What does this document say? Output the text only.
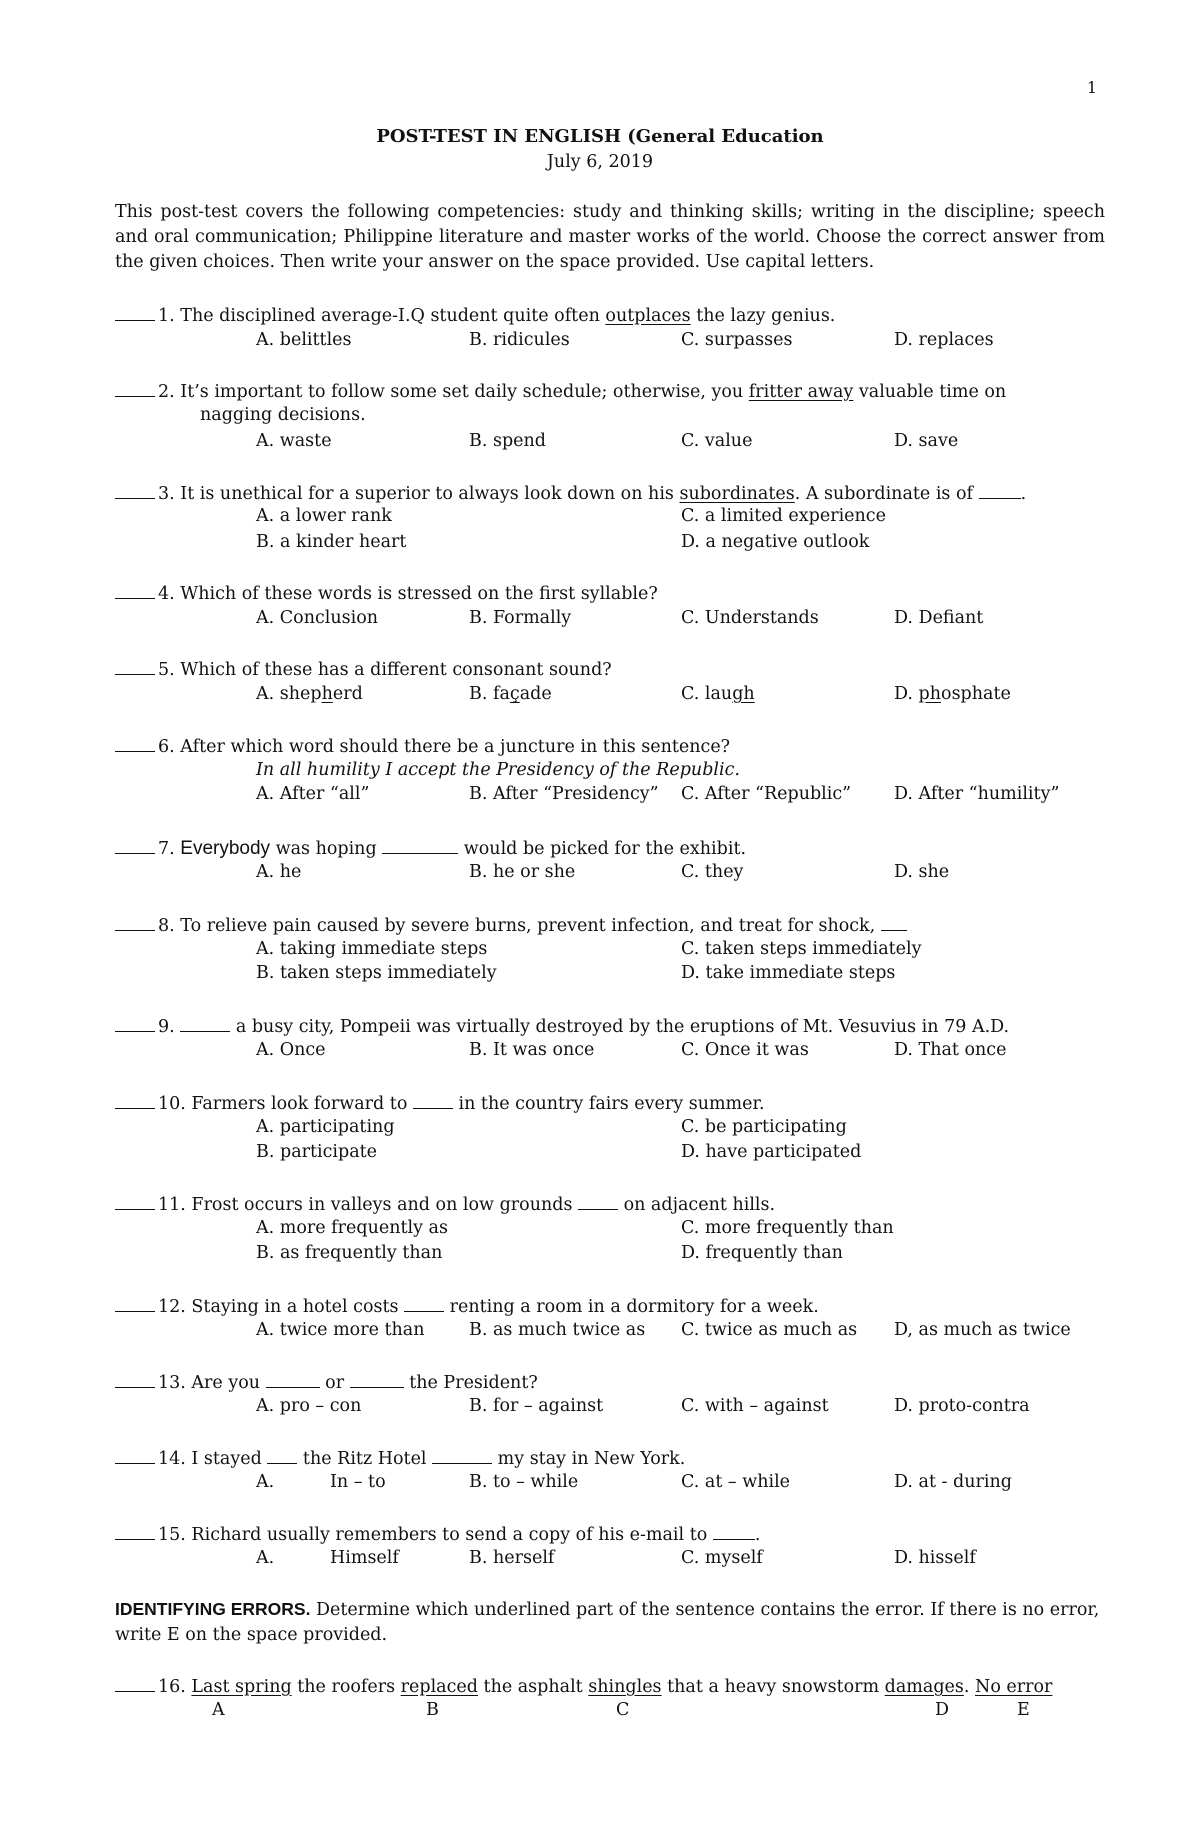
1
POST-TEST IN ENGLISH (General Education
July 6, 2019
This post-test covers the following competencies: study and thinking skills; writing in the discipline; speech and oral communication; Philippine literature and master works of the world. Choose the correct answer from the given choices. Then write your answer on the space provided. Use capital letters.
1. The disciplined average-I.Q student quite often outplaces the lazy genius.
A. belittles	B. ridicules	C. surpasses	D. replaces
2. It’s important to follow some set daily schedule; otherwise, you fritter away valuable time on
nagging decisions.
A. waste	B. spend	C. value	D. save
3. It is unethical for a superior to always look down on his subordinates. A subordinate is of	.
A. a lower rank	C. a limited experience
B. a kinder heart	D. a negative outlook
4. Which of these words is stressed on the first syllable?
A. Conclusion	B. Formally	C. Understands	D. Defiant
5. Which of these has a different consonant sound?
A. shepherd	B. façade	C. laugh	D. phosphate
6. After which word should there be a juncture in this sentence?
In all humility I accept the Presidency of the Republic.
A. After “all”	B. After “Presidency” C. After “Republic” D. After “humility”
7. Everybody was hoping	would be picked for the exhibit.
A. he	B. he or she	C. they	D. she
8. To relieve pain caused by severe burns, prevent infection, and treat for shock,
A. taking immediate steps	C. taken steps immediately
B. taken steps immediately	D. take immediate steps
9.	a busy city, Pompeii was virtually destroyed by the eruptions of Mt. Vesuvius in 79 A.D.
A. Once	B. It was once	C. Once it was	D. That once
10. Farmers look forward to  in the country fairs every summer.
A. participating	C. be participating
B. participate	D. have participated
11. Frost occurs in valleys and on low grounds  on adjacent hills.
A. more frequently as	C. more frequently than
B. as frequently than	D. frequently than
12. Staying in a hotel costs  renting a room in a dormitory for a week.
A. twice more than	B. as much twice as C. twice as much as D, as much as twice
13. Are you	or	the President?
A. pro – con	B. for – against	C. with – against	D. proto-contra
14. I stayed  the Ritz Hotel	my stay in New York.
A.	In – to	B. to – while	C. at – while	D. at - during
15. Richard usually remembers to send a copy of his e-mail to .
A.	Himself	B. herself	C. myself	D. hisself
IDENTIFYING ERRORS. Determine which underlined part of the sentence contains the error. If there is no error, write E on the space provided.
16. Last spring the roofers replaced the asphalt shingles that a heavy snowstorm damages. No error
A	B	C	D	E
